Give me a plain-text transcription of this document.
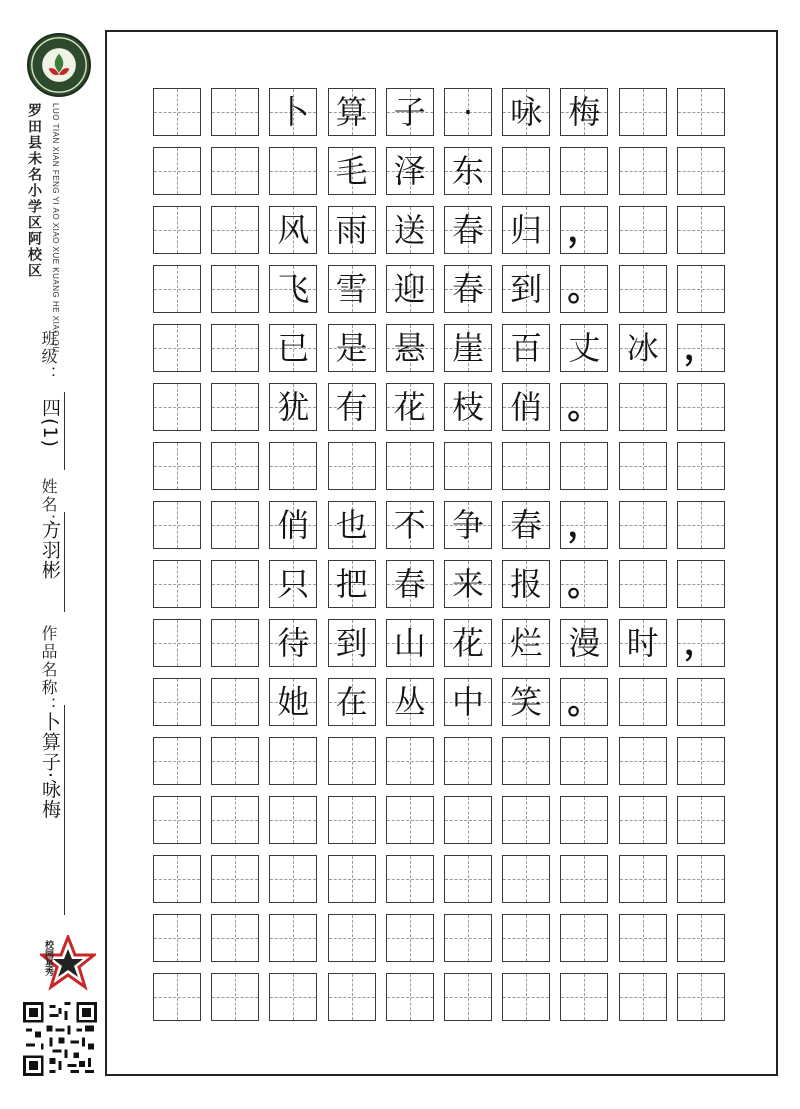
罗田县未名小学区阿校区	LUO TIAN XIAN FENG YI AO XIAO XUE KUANG HE XIAO QU
班级：
四(1)
姓名：
方羽彬
作品名称：
卜算子·咏梅
校园星秀
卜 算 子	·	咏 梅
毛 泽 东
风 雨 送 春 归 ，
飞 雪 迎 春 到 。
已 是 悬 崖 百 丈 冰 ，
犹 有 花 枝 俏 。
俏 也 不 争 春 ，
只 把 春 来 报 。
待 到 山 花 烂 漫 时 ，
她 在 丛 中 笑 。
